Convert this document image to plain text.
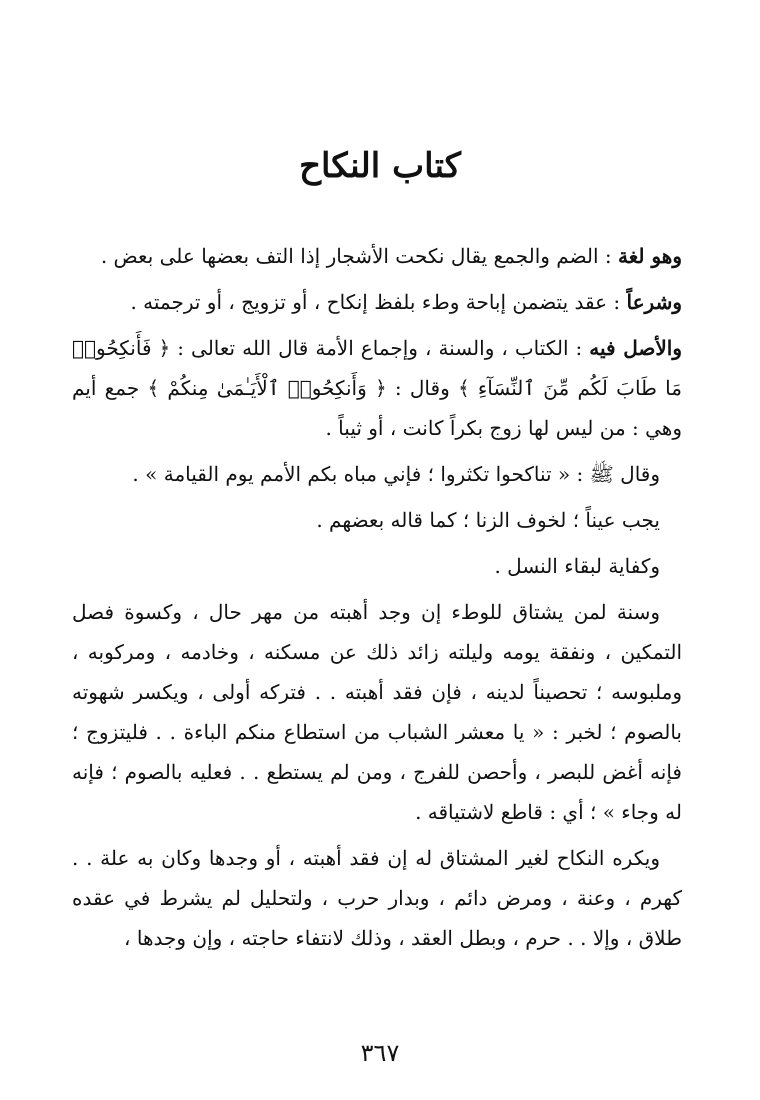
كتاب النكاح

وهو لغة : الضم والجمع يقال نكحت الأشجار إذا التف بعضها على بعض .

وشرعاً : عقد يتضمن إباحة وطء بلفظ إنكاح ، أو تزويج ، أو ترجمته .

والأصل فيه : الكتاب ، والسنة ، وإجماع الأمة قال الله تعالى : ﴿ فَأَنكِحُوا۟ مَا طَابَ لَكُم مِّنَ ٱلنِّسَآءِ ﴾ وقال : ﴿ وَأَنكِحُوا۟ ٱلْأَيَـٰمَىٰ مِنكُمْ ﴾ جمع أيم وهي : من ليس لها زوج بكراً كانت ، أو ثيباً .

وقال ﷺ : « تناكحوا تكثروا ؛ فإني مباه بكم الأمم يوم القيامة » .

يجب عيناً ؛ لخوف الزنا ؛ كما قاله بعضهم .

وكفاية لبقاء النسل .

وسنة لمن يشتاق للوطء إن وجد أهبته من مهر حال ، وكسوة فصل التمكين ، ونفقة يومه وليلته زائد ذلك عن مسكنه ، وخادمه ، ومركوبه ، وملبوسه ؛ تحصيناً لدينه ، فإن فقد أهبته . . فتركه أولى ، ويكسر شهوته بالصوم ؛ لخبر : « يا معشر الشباب من استطاع منكم الباءة . . فليتزوج ؛ فإنه أغض للبصر ، وأحصن للفرج ، ومن لم يستطع . . فعليه بالصوم ؛ فإنه له وجاء » ؛ أي : قاطع لاشتياقه .

ويكره النكاح لغير المشتاق له إن فقد أهبته ، أو وجدها وكان به علة . . كهرم ، وعنة ، ومرض دائم ، وبدار حرب ، ولتحليل لم يشرط في عقده طلاق ، وإلا . . حرم ، وبطل العقد ، وذلك لانتفاء حاجته ، وإن وجدها ،

٣٦٧
